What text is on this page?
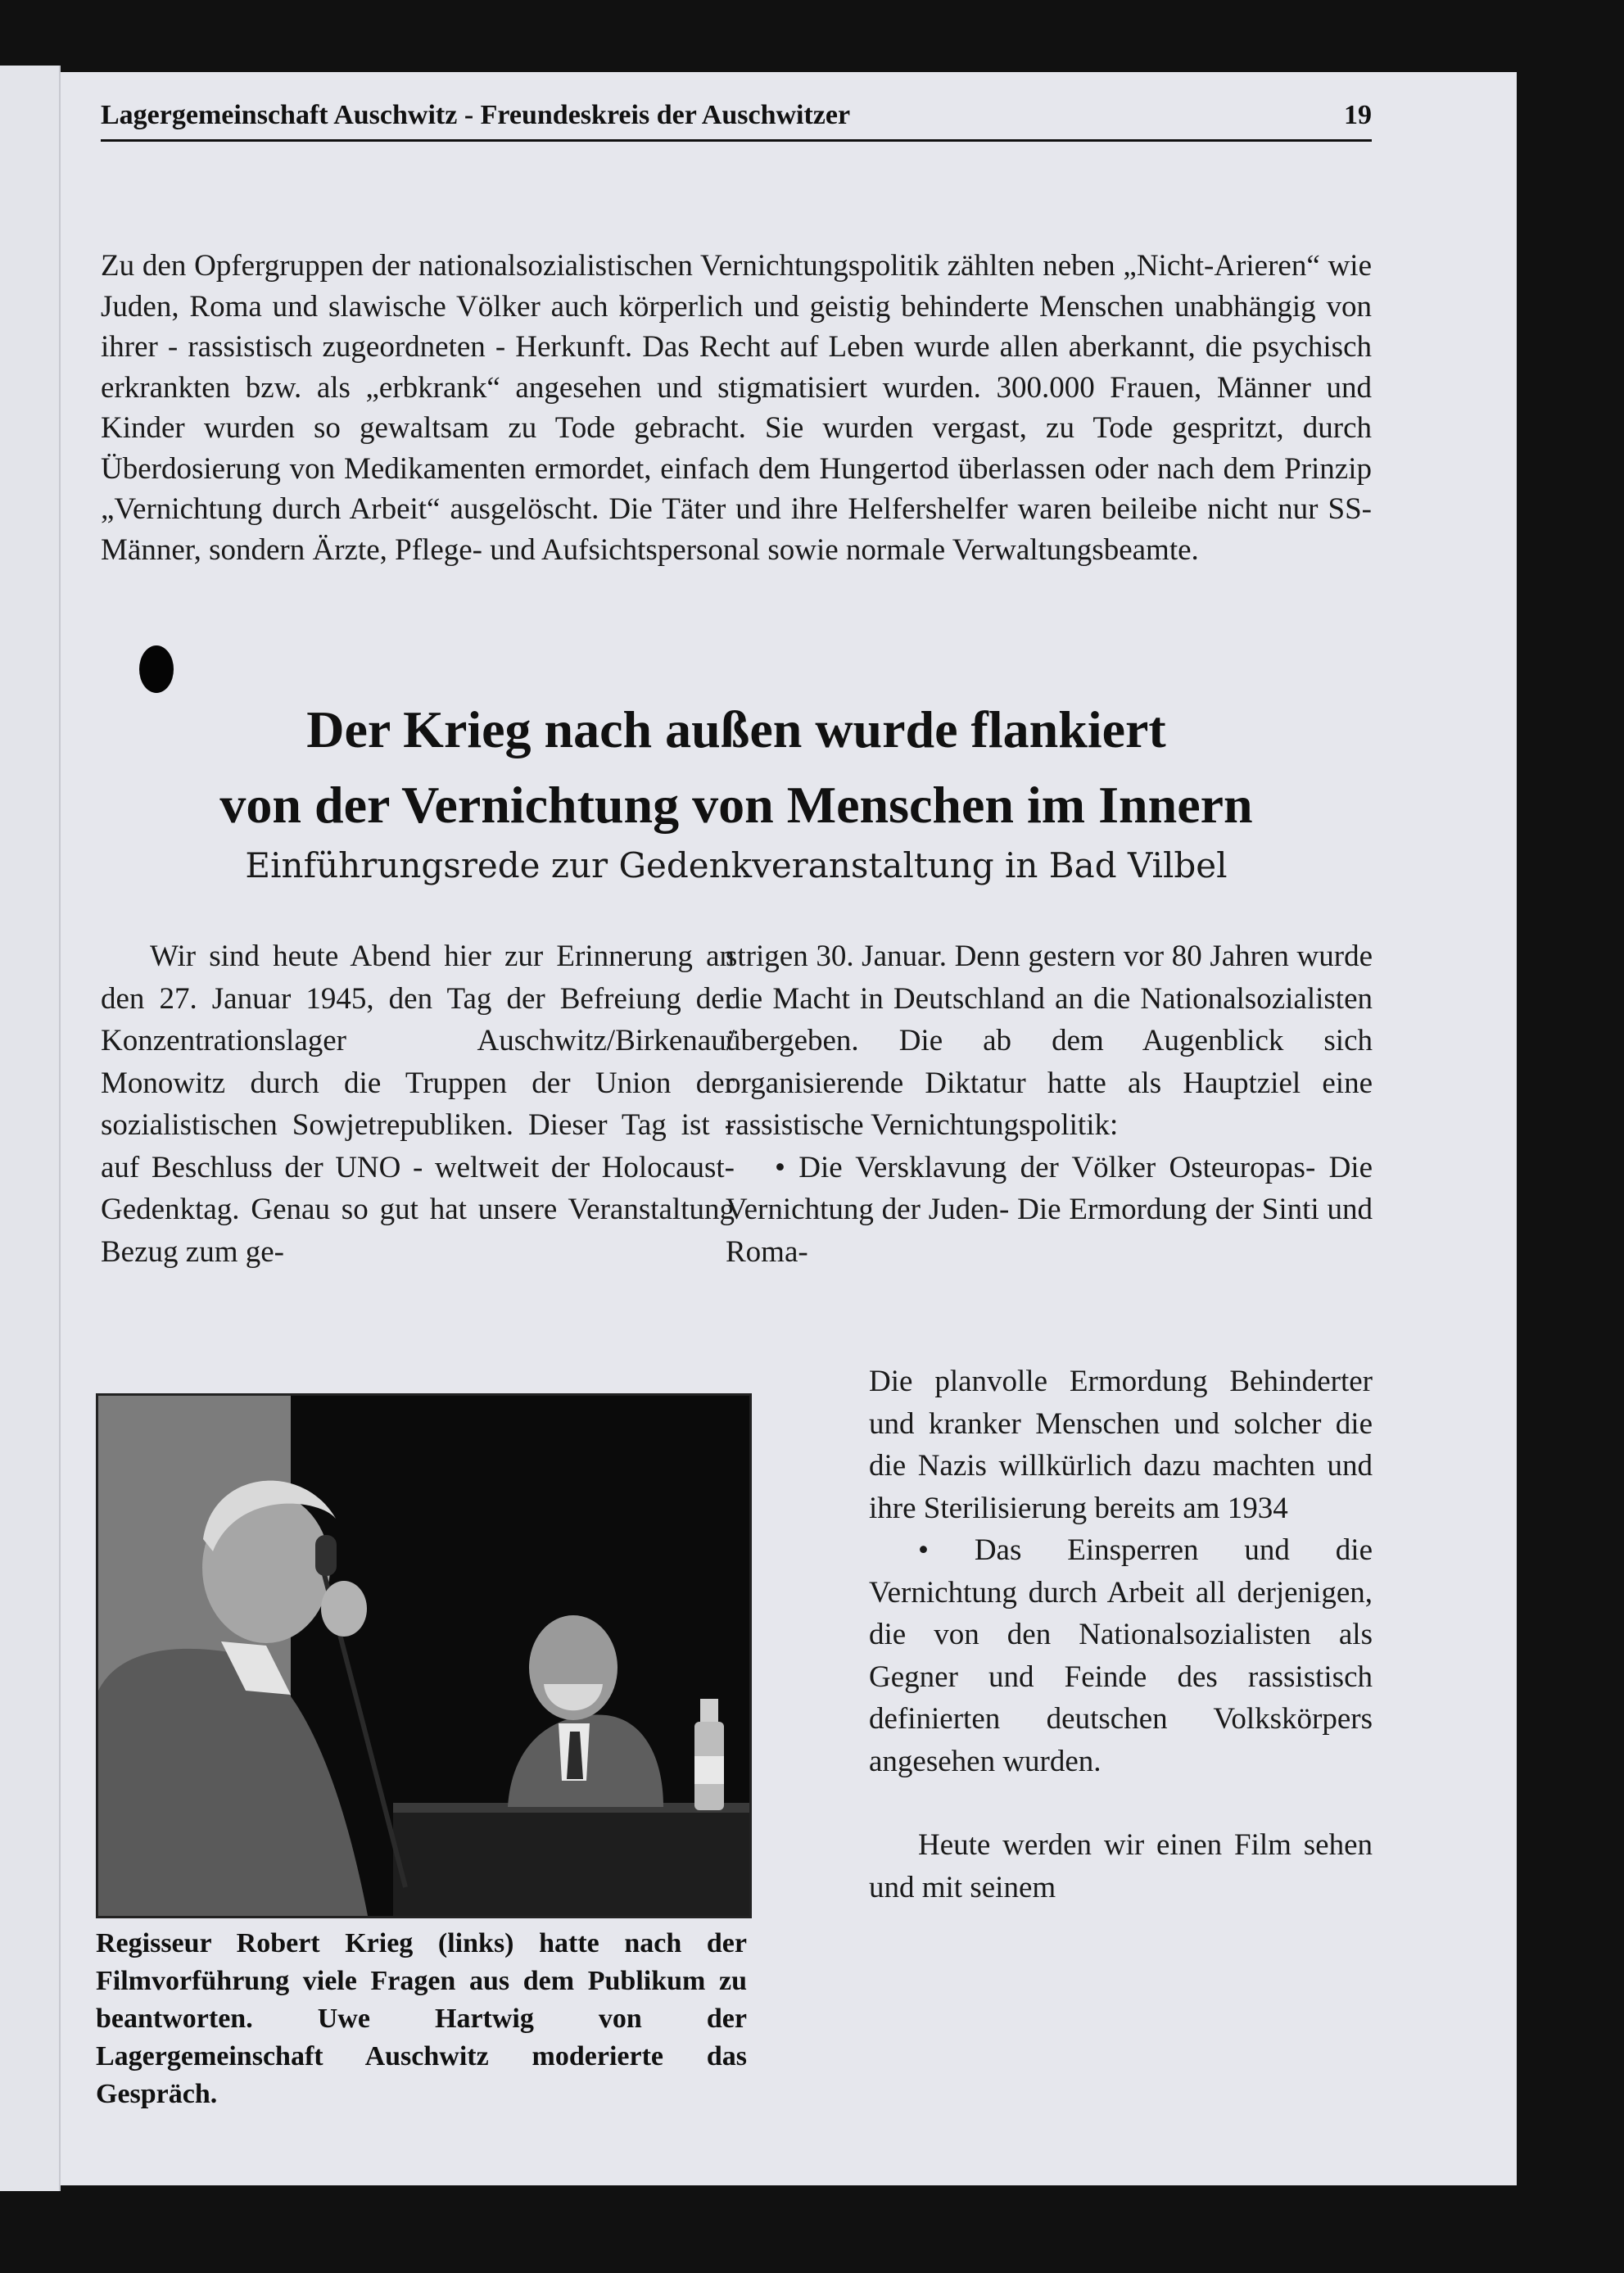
Lagergemeinschaft Auschwitz - Freundeskreis der Auschwitzer	19

Zu den Opfergruppen der nationalsozialistischen Vernichtungspolitik zählten neben „Nicht-Arieren“ wie Juden, Roma und slawische Völker auch körperlich und geistig behinderte Menschen unabhängig von ihrer - rassistisch zugeordneten - Herkunft. Das Recht auf Leben wurde allen aberkannt, die psychisch erkrankten bzw. als „erbkrank“ angesehen und stigmatisiert wurden. 300.000 Frauen, Männer und Kinder wurden so gewaltsam zu Tode gebracht. Sie wurden vergast, zu Tode gespritzt, durch Überdosierung von Medikamenten ermordet, einfach dem Hungertod überlassen oder nach dem Prinzip „Vernichtung durch Arbeit“ ausgelöscht. Die Täter und ihre Helfershelfer waren beileibe nicht nur SS-Männer, sondern Ärzte, Pflege- und Aufsichtspersonal sowie normale Verwaltungsbeamte.

Der Krieg nach außen wurde flankiert
von der Vernichtung von Menschen im Innern
Einführungsrede zur Gedenkveranstaltung in Bad Vilbel

Wir sind heute Abend hier zur Erinnerung an den 27. Januar 1945, den Tag der Befreiung der Konzentrationslager Auschwitz/Birkenau/ Monowitz durch die Truppen der Union der sozialistischen Sowjetrepubliken. Dieser Tag ist - auf Beschluss der UNO - weltweit der Holocaust-Gedenktag. Genau so gut hat unsere Veranstaltung Bezug zum ge-

strigen 30. Januar. Denn gestern vor 80 Jahren wurde die Macht in Deutschland an die Nationalsozialisten übergeben. Die ab dem Augenblick sich organisierende Diktatur hatte als Hauptziel eine rassistische Vernichtungspolitik:

• Die Versklavung der Völker Osteuropas- Die Vernichtung der Juden- Die Ermordung der Sinti und Roma-

Regisseur Robert Krieg (links) hatte nach der Filmvorführung viele Fragen aus dem Publikum zu beantworten. Uwe Hartwig von der Lagergemeinschaft Auschwitz moderierte das Gespräch.

Die planvolle Ermordung Behinderter und kranker Menschen und solcher die die Nazis willkürlich dazu machten und ihre Sterilisierung bereits am 1934

• Das Einsperren und die Vernichtung durch Arbeit all derjenigen, die von den Nationalsozialisten als Gegner und Feinde des rassistisch definierten deutschen Volkskörpers angesehen wurden.

Heute werden wir einen Film sehen und mit seinem
